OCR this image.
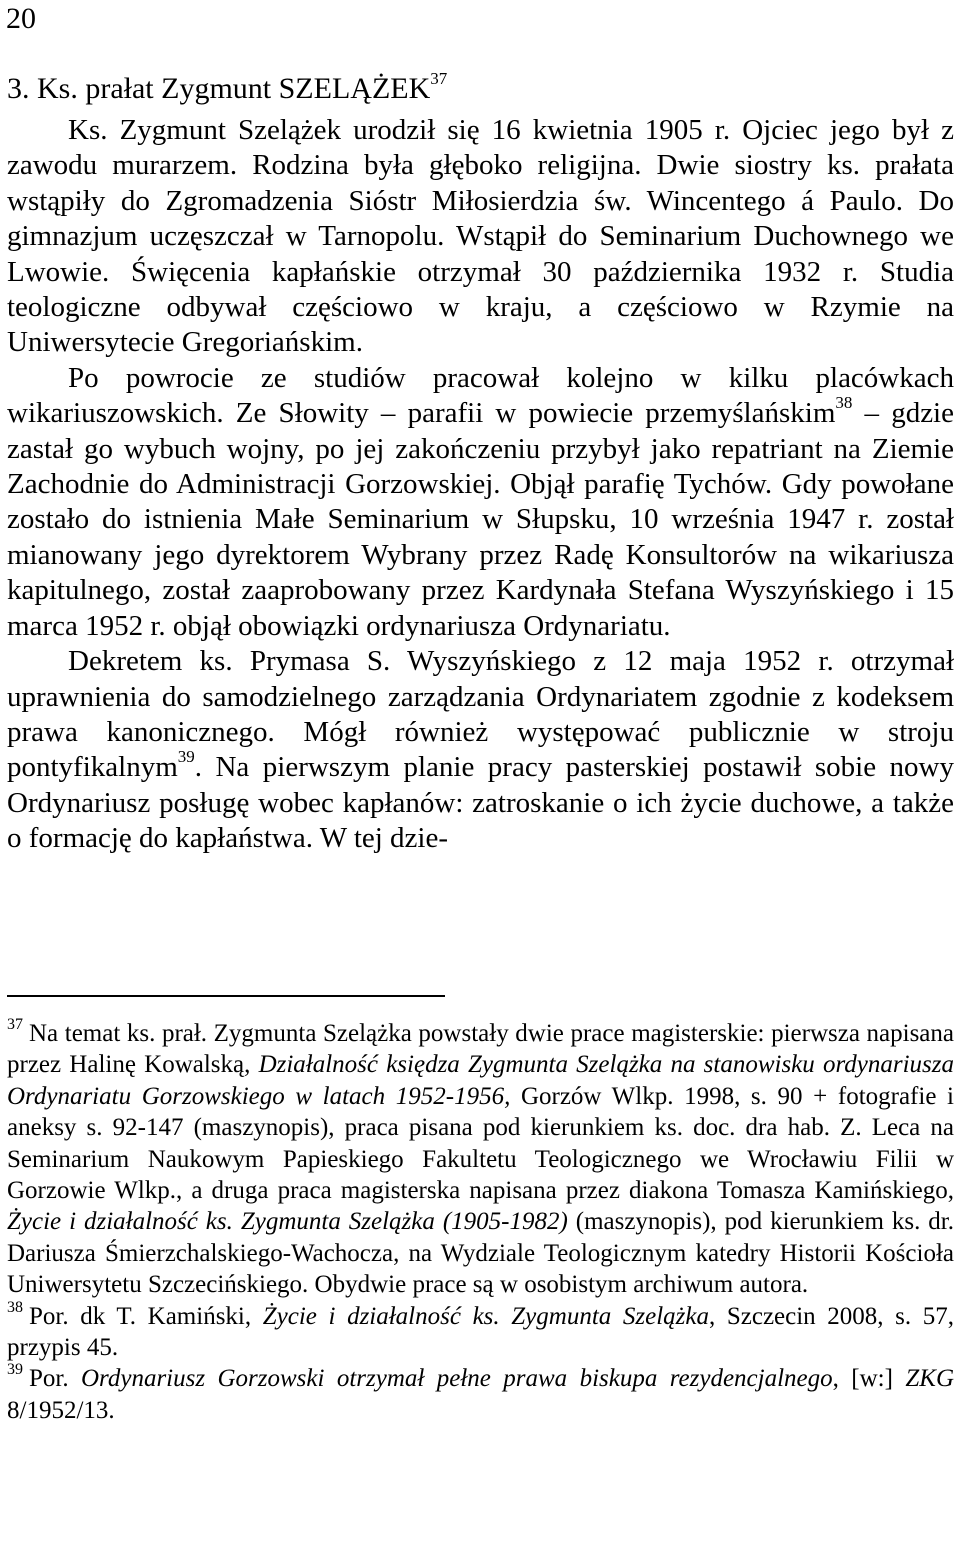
20
3. Ks. prałat Zygmunt SZELĄŻEK$^{37}$

Ks. Zygmunt Szelążek urodził się 16 kwietnia 1905 r. Ojciec jego był z zawodu murarzem. Rodzina była głęboko religijna. Dwie siostry ks. prałata wstąpiły do Zgromadzenia Sióstr Miłosierdzia św. Wincentego á Paulo. Do gimnazjum uczęszczał w Tarnopolu. Wstąpił do Seminarium Duchownego we Lwowie. Święcenia kapłańskie otrzymał 30 października 1932 r. Studia teologiczne odbywał częściowo w kraju, a częściowo w Rzymie na Uniwersytecie Gregoriańskim.

Po powrocie ze studiów pracował kolejno w kilku placówkach wikariuszowskich. Ze Słowity – parafii w powiecie przemyślańskim$^{38}$ – gdzie zastał go wybuch wojny, po jej zakończeniu przybył jako repatriant na Ziemie Zachodnie do Administracji Gorzowskiej. Objął parafię Tychów. Gdy powołane zostało do istnienia Małe Seminarium w Słupsku, 10 września 1947 r. został mianowany jego dyrektorem Wybrany przez Radę Konsultorów na wikariusza kapitulnego, został zaaprobowany przez Kardynała Stefana Wyszyńskiego i 15 marca 1952 r. objął obowiązki ordynariusza Ordynariatu.

Dekretem ks. Prymasa S. Wyszyńskiego z 12 maja 1952 r. otrzymał uprawnienia do samodzielnego zarządzania Ordynariatem zgodnie z kodeksem prawa kanonicznego. Mógł również występować publicznie w stroju pontyfikalnym$^{39}$. Na pierwszym planie pracy pasterskiej postawił sobie nowy Ordynariusz posługę wobec kapłanów: zatroskanie o ich życie duchowe, a także o formację do kapłaństwa. W tej dzie-

$^{37}$ Na temat ks. prał. Zygmunta Szelążka powstały dwie prace magisterskie: pierwsza napisana przez Halinę Kowalską, Działalność księdza Zygmunta Szelążka na stanowisku ordynariusza Ordynariatu Gorzowskiego w latach 1952-1956, Gorzów Wlkp. 1998, s. 90 + fotografie i aneksy s. 92-147 (maszynopis), praca pisana pod kierunkiem ks. doc. dra hab. Z. Leca na Seminarium Naukowym Papieskiego Fakultetu Teologicznego we Wrocławiu Filii w Gorzowie Wlkp., a druga praca magisterska napisana przez diakona Tomasza Kamińskiego, Życie i działalność ks. Zygmunta Szelążka (1905-1982) (maszynopis), pod kierunkiem ks. dr. Dariusza Śmierzchalskiego-Wachocza, na Wydziale Teologicznym katedry Historii Kościoła Uniwersytetu Szczecińskiego. Obydwie prace są w osobistym archiwum autora.

$^{38}$ Por. dk T. Kamiński, Życie i działalność ks. Zygmunta Szelążka, Szczecin 2008, s. 57, przypis 45.

$^{39}$ Por. Ordynariusz Gorzowski otrzymał pełne prawa biskupa rezydencjalnego, [w:] ZKG 8/1952/13.
